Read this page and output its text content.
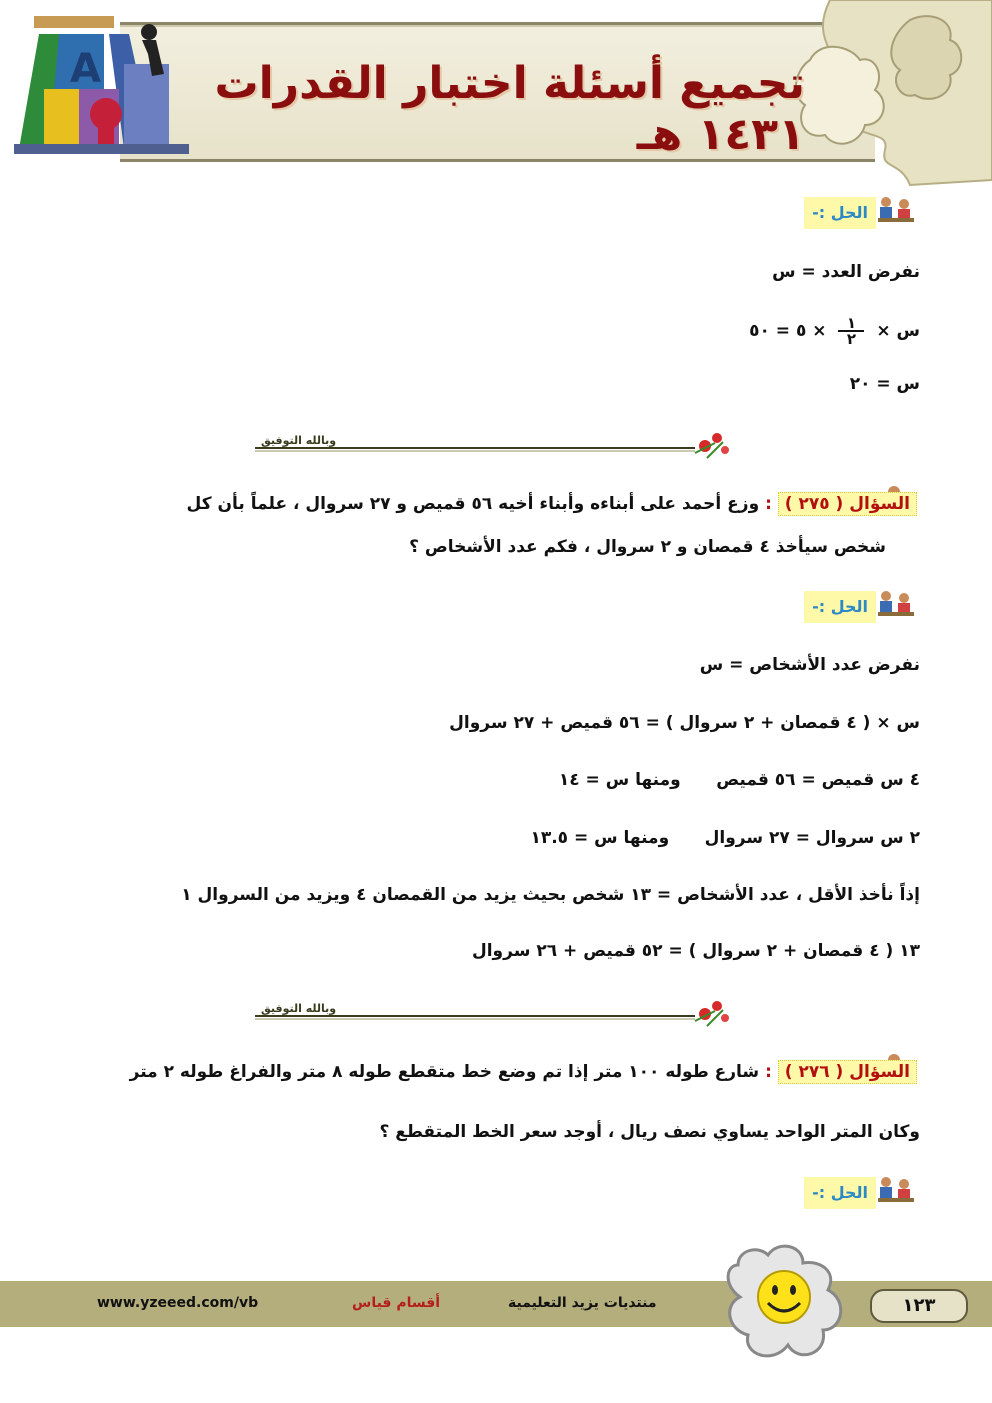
A	تجميع أسئلة اختبار القدرات ١٤٣١ هـ
الحل :-
نفرض العدد = س
س ×
$\frac{١}{٢}$
× ٥ = ٥٠
س = ٢٠
وبالله التوفيق
السؤال ( ٢٧٥ ) : وزع أحمد على أبناءه وأبناء أخيه ٥٦ قميص و ٢٧ سروال ، علماً بأن كل
شخص سيأخذ ٤ قمصان و ٢ سروال ، فكم عدد الأشخاص ؟
الحل :-
نفرض عدد الأشخاص = س
س × ( ٤ قمصان + ٢ سروال ) = ٥٦ قميص + ٢٧ سروال
٤ س قميص = ٥٦ قميص      ومنها س = ١٤
٢ س سروال = ٢٧ سروال      ومنها س = ١٣.٥
إذاً نأخذ الأقل ، عدد الأشخاص = ١٣ شخص بحيث يزيد من القمصان ٤ ويزيد من السروال ١
١٣ ( ٤ قمصان + ٢ سروال ) = ٥٢ قميص + ٢٦ سروال
وبالله التوفيق
السؤال ( ٢٧٦ ) : شارع طوله ١٠٠ متر إذا تم وضع خط متقطع طوله ٨ متر والفراغ طوله ٢ متر
وكان المتر الواحد يساوي نصف ريال ، أوجد سعر الخط المتقطع ؟
الحل :-
www.yzeeed.com/vb	أقسام قياس	منتديات يزيد التعليمية	١٢٣
